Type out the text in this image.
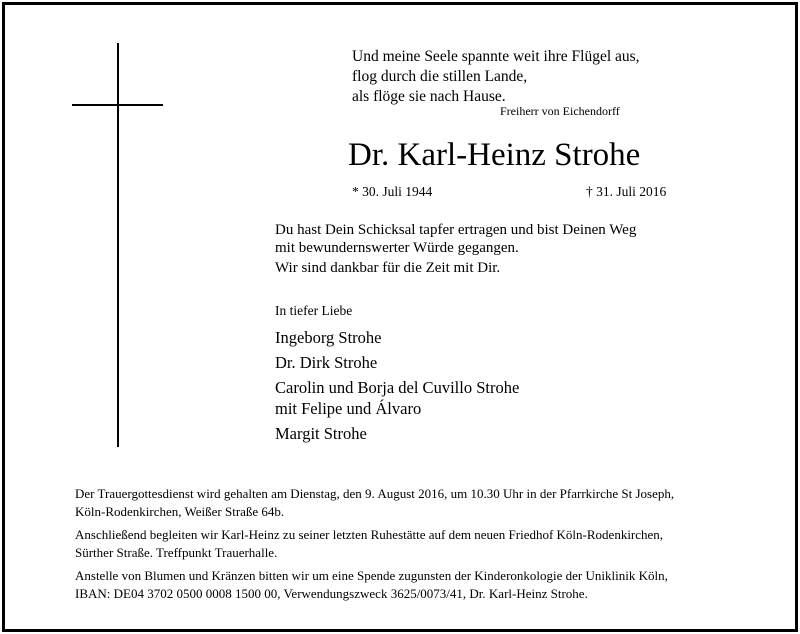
Und meine Seele spannte weit ihre Flügel aus,
flog durch die stillen Lande,
als flöge sie nach Hause.
Freiherr von Eichendorff
Dr. Karl-Heinz Strohe
* 30. Juli 1944	† 31. Juli 2016
Du hast Dein Schicksal tapfer ertragen und bist Deinen Weg
mit bewundernswerter Würde gegangen.
Wir sind dankbar für die Zeit mit Dir.
In tiefer Liebe
Ingeborg Strohe
Dr. Dirk Strohe
Carolin und Borja del Cuvillo Strohe
mit Felipe und Álvaro
Margit Strohe
Der Trauergottesdienst wird gehalten am Dienstag, den 9. August 2016, um 10.30 Uhr in der Pfarrkirche St Joseph,
Köln-Rodenkirchen, Weißer Straße 64b.
Anschließend begleiten wir Karl-Heinz zu seiner letzten Ruhestätte auf dem neuen Friedhof Köln-Rodenkirchen,
Sürther Straße. Treffpunkt Trauerhalle.
Anstelle von Blumen und Kränzen bitten wir um eine Spende zugunsten der Kinderonkologie der Uniklinik Köln,
IBAN: DE04 3702 0500 0008 1500 00, Verwendungszweck 3625/0073/41, Dr. Karl-Heinz Strohe.
